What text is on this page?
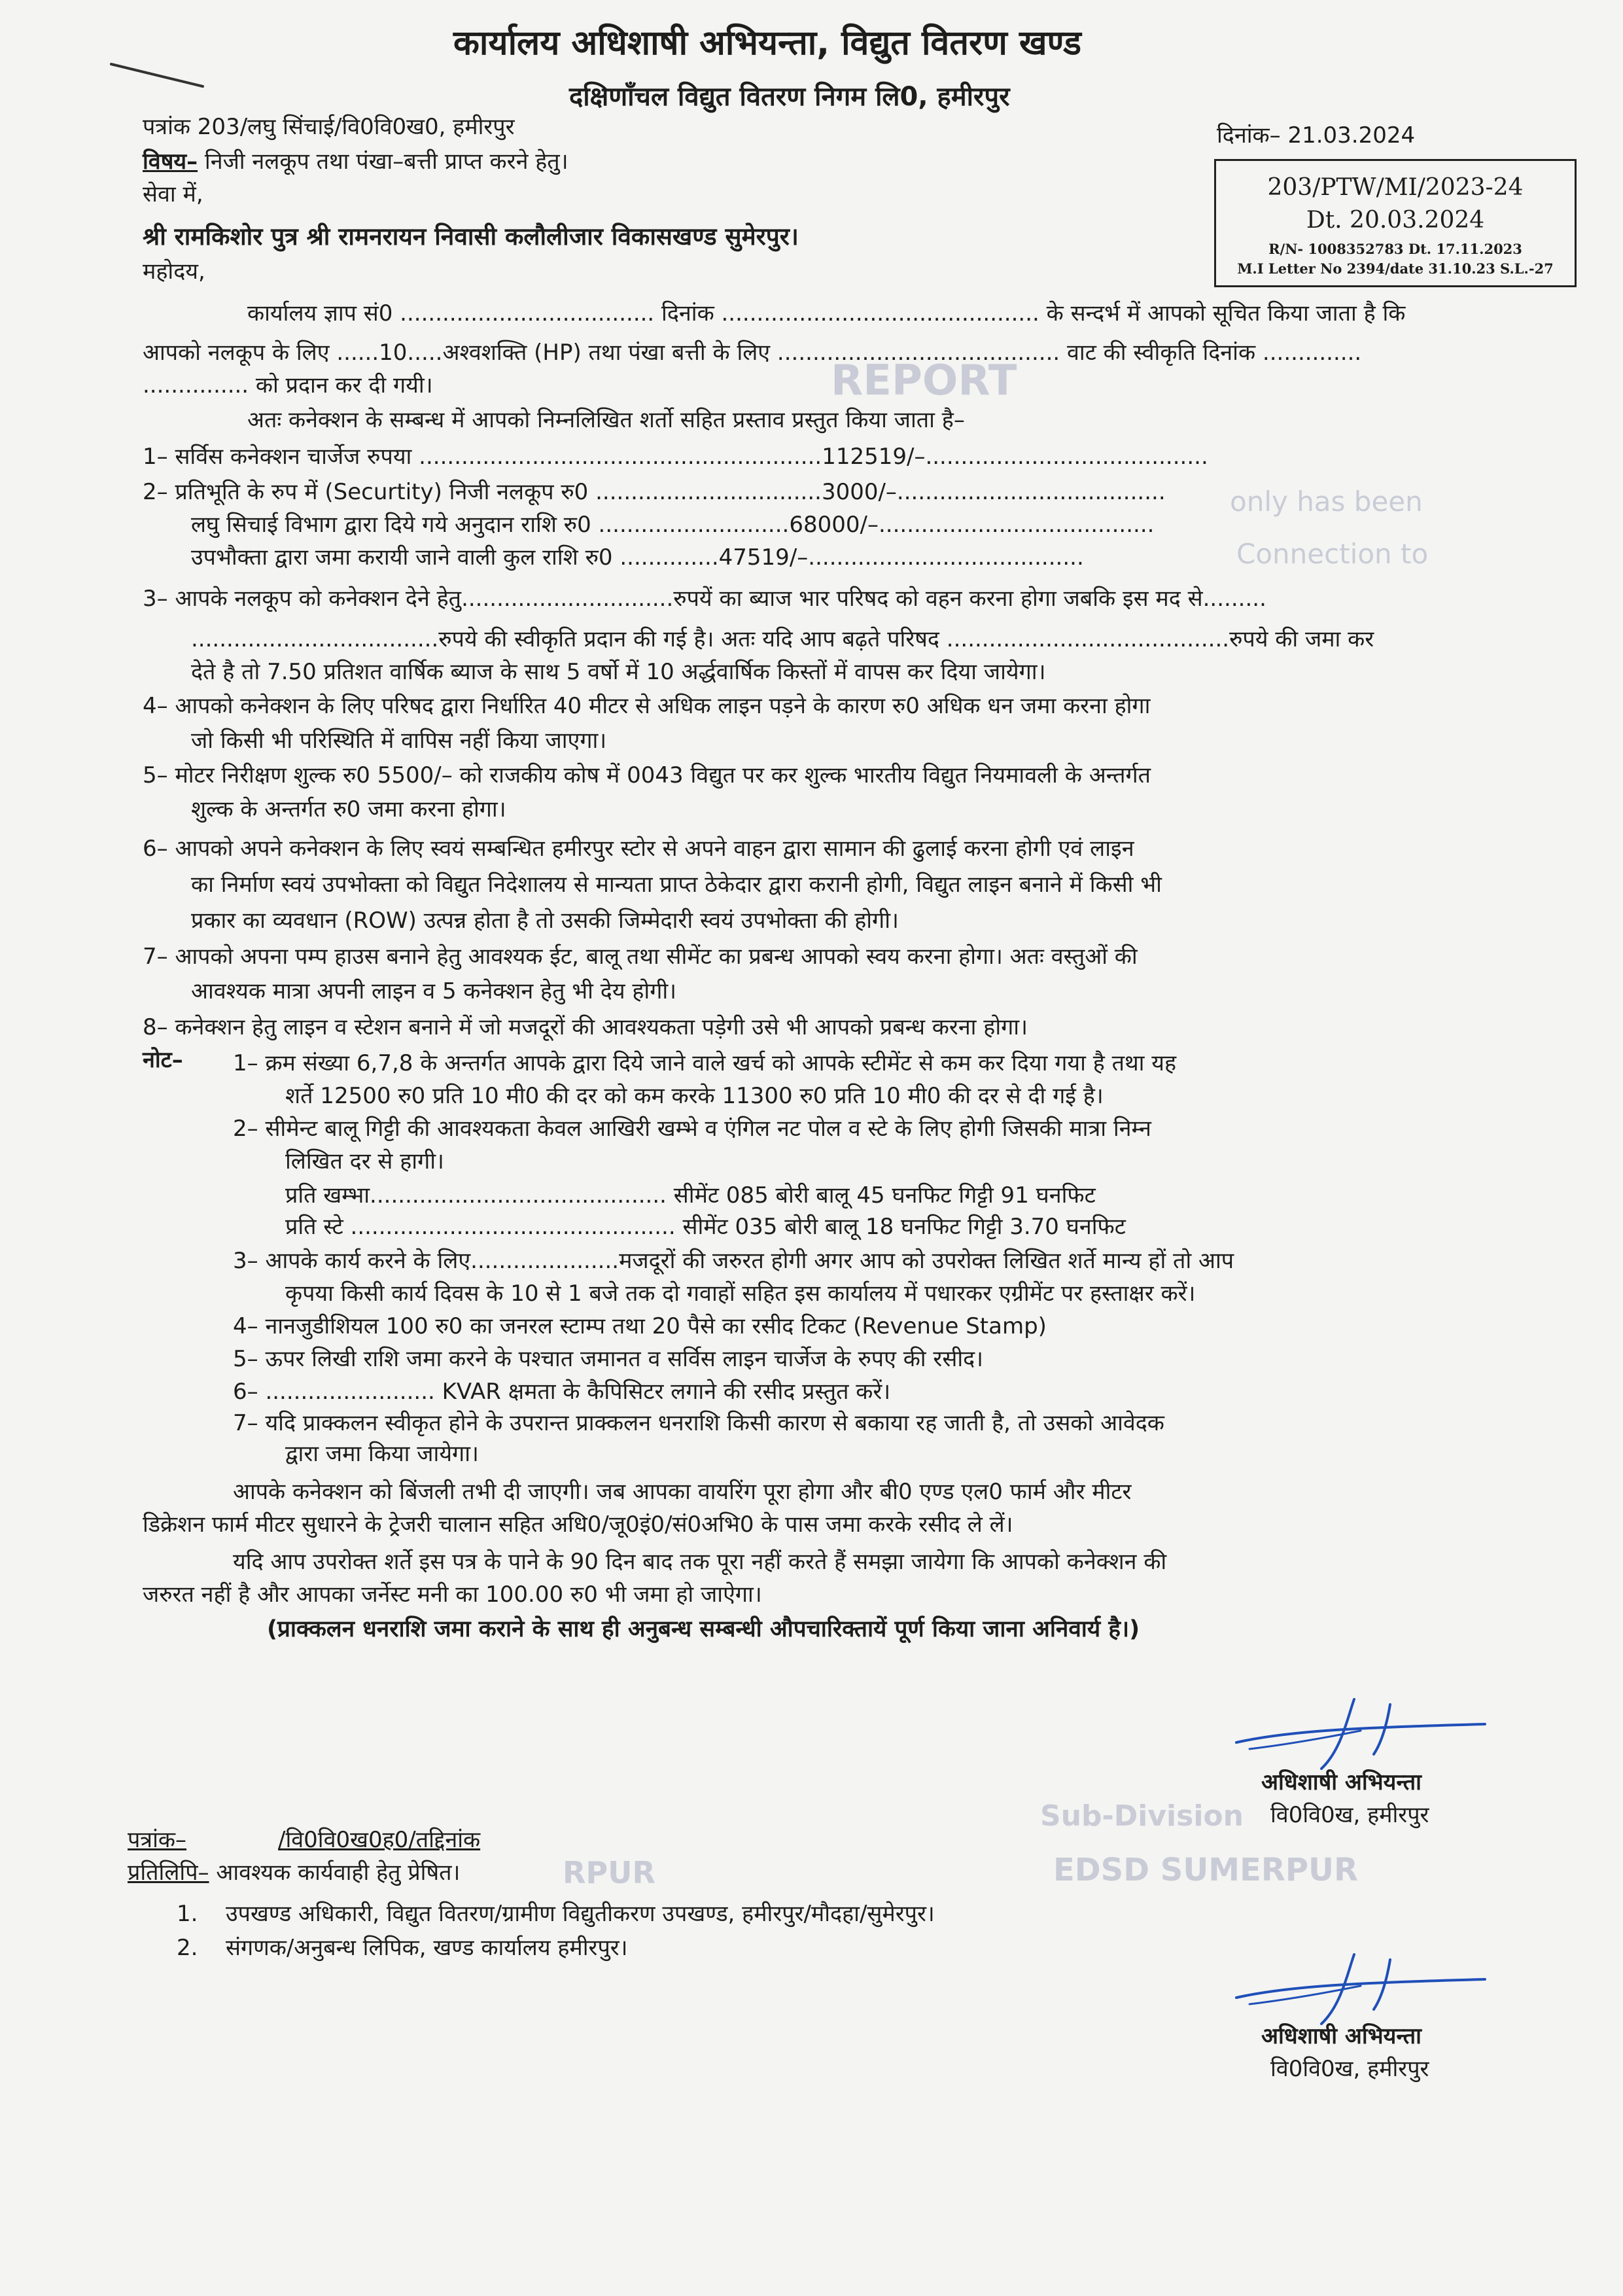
REPORT
only has been
Connection to
Sub-Division
EDSD SUMERPUR
RPUR
कार्यालय अधिशाषी अभियन्ता, विद्युत वितरण खण्ड
दक्षिणाँचल विद्युत वितरण निगम लि0, हमीरपुर
पत्रांक 203/लघु सिंचाई/वि0वि0ख0, हमीरपुर	दिनांक– 21.03.2024
विषय– निजी नलकूप तथा पंखा–बत्ती प्राप्त करने हेतु।
203/PTW/MI/2023-24
Dt. 20.03.2024
R/N- 1008352783 Dt. 17.11.2023
M.I Letter No 2394/date 31.10.23 S.L.-27
सेवा में,
श्री रामकिशोर पुत्र श्री रामनरायन निवासी कलौलीजार विकासखण्ड सुमेरपुर।
महोदय,
कार्यालय ज्ञाप सं0 .................................... दिनांक ............................................. के सन्दर्भ में आपको सूचित किया जाता है कि
आपको नलकूप के लिए ......10.....अश्वशक्ति (HP) तथा पंखा बत्ती के लिए ........................................ वाट की स्वीकृति दिनांक ..............
............... को प्रदान कर दी गयी।
अतः कनेक्शन के सम्बन्ध में आपको निम्नलिखित शर्तो सहित प्रस्ताव प्रस्तुत किया जाता है–
1– सर्विस कनेक्शन चार्जेज रुपया .........................................................112519/–........................................
2– प्रतिभूति के रुप में (Securtity) निजी नलकूप रु0 ................................3000/–......................................
लघु सिचाई विभाग द्वारा दिये गये अनुदान राशि रु0 ...........................68000/–.......................................
उपभौक्ता द्वारा जमा करायी जाने वाली कुल राशि रु0 ..............47519/–.......................................
3– आपके नलकूप को कनेक्शन देने हेतु..............................रुपयें का ब्याज भार परिषद को वहन करना होगा जबकि इस मद से.........
...................................रुपये की स्वीकृति प्रदान की गई है। अतः यदि आप बढ़ते परिषद ........................................रुपये की जमा कर
देते है तो 7.50 प्रतिशत वार्षिक ब्याज के साथ 5 वर्षो में 10 अर्द्धवार्षिक किस्तों में वापस कर दिया जायेगा।
4– आपको कनेक्शन के लिए परिषद द्वारा निर्धारित 40 मीटर से अधिक लाइन पड़ने के कारण रु0 अधिक धन जमा करना होगा
जो किसी भी परिस्थिति में वापिस नहीं किया जाएगा।
5– मोटर निरीक्षण शुल्क रु0 5500/– को राजकीय कोष में 0043 विद्युत पर कर शुल्क भारतीय विद्युत नियमावली के अन्तर्गत
शुल्क के अन्तर्गत रु0 जमा करना होगा।
6– आपको अपने कनेक्शन के लिए स्वयं सम्बन्धित हमीरपुर स्टोर से अपने वाहन द्वारा सामान की ढुलाई करना होगी एवं लाइन
का निर्माण स्वयं उपभोक्ता को विद्युत निदेशालय से मान्यता प्राप्त ठेकेदार द्वारा करानी होगी, विद्युत लाइन बनाने में किसी भी
प्रकार का व्यवधान (ROW) उत्पन्न होता है तो उसकी जिम्मेदारी स्वयं उपभोक्ता की होगी।
7– आपको अपना पम्प हाउस बनाने हेतु आवश्यक ईट, बालू तथा सीमेंट का प्रबन्ध आपको स्वय करना होगा। अतः वस्तुओं की
आवश्यक मात्रा अपनी लाइन व 5 कनेक्शन हेतु भी देय होगी।
8– कनेक्शन हेतु लाइन व स्टेशन बनाने में जो मजदूरों की आवश्यकता पड़ेगी उसे भी आपको प्रबन्ध करना होगा।
नोट– 1– क्रम संख्या 6,7,8 के अन्तर्गत आपके द्वारा दिये जाने वाले खर्च को आपके स्टीमेंट से कम कर दिया गया है तथा यह
शर्ते 12500 रु0 प्रति 10 मी0 की दर को कम करके 11300 रु0 प्रति 10 मी0 की दर से दी गई है।
2– सीमेन्ट बालू गिट्टी की आवश्यकता केवल आखिरी खम्भे व एंगिल नट पोल व स्टे के लिए होगी जिसकी मात्रा निम्न
लिखित दर से हागी।
प्रति खम्भा.......................................... सीमेंट 085 बोरी बालू 45 घनफिट गिट्टी 91 घनफिट
प्रति स्टे .............................................. सीमेंट 035 बोरी बालू 18 घनफिट गिट्टी 3.70 घनफिट
3– आपके कार्य करने के लिए.....................मजदूरों की जरुरत होगी अगर आप को उपरोक्त लिखित शर्ते मान्य हों तो आप
कृपया किसी कार्य दिवस के 10 से 1 बजे तक दो गवाहों सहित इस कार्यालय में पधारकर एग्रीमेंट पर हस्ताक्षर करें।
4– नानजुडीशियल 100 रु0 का जनरल स्टाम्प तथा 20 पैसे का रसीद टिकट (Revenue Stamp)
5– ऊपर लिखी राशि जमा करने के पश्चात जमानत व सर्विस लाइन चार्जेज के रुपए की रसीद।
6– ........................ KVAR क्षमता के कैपिसिटर लगाने की रसीद प्रस्तुत करें।
7– यदि प्राक्कलन स्वीकृत होने के उपरान्त प्राक्कलन धनराशि किसी कारण से बकाया रह जाती है, तो उसको आवेदक
द्वारा जमा किया जायेगा।
आपके कनेक्शन को बिंजली तभी दी जाएगी। जब आपका वायरिंग पूरा होगा और बी0 एण्ड एल0 फार्म और मीटर
डिक्रेशन फार्म मीटर सुधारने के ट्रेजरी चालान सहित अधि0/जू0इं0/सं0अभि0 के पास जमा करके रसीद ले लें।
यदि आप उपरोक्त शर्ते इस पत्र के पाने के 90 दिन बाद तक पूरा नहीं करते हैं समझा जायेगा कि आपको कनेक्शन की
जरुरत नहीं है और आपका जर्नेस्ट मनी का 100.00 रु0 भी जमा हो जाऐगा।
(प्राक्कलन धनराशि जमा कराने के साथ ही अनुबन्ध सम्बन्धी औपचारिक्तायें पूर्ण किया जाना अनिवार्य है।)
अधिशाषी अभियन्ता
वि0वि0ख, हमीरपुर
पत्रांक–	/वि0वि0ख0ह0/तद्दिनांक
प्रतिलिपि– आवश्यक कार्यवाही हेतु प्रेषित।
1. उपखण्ड अधिकारी, विद्युत वितरण/ग्रामीण विद्युतीकरण उपखण्ड, हमीरपुर/मौदहा/सुमेरपुर।
2. संगणक/अनुबन्ध लिपिक, खण्ड कार्यालय हमीरपुर।
अधिशाषी अभियन्ता
वि0वि0ख, हमीरपुर
